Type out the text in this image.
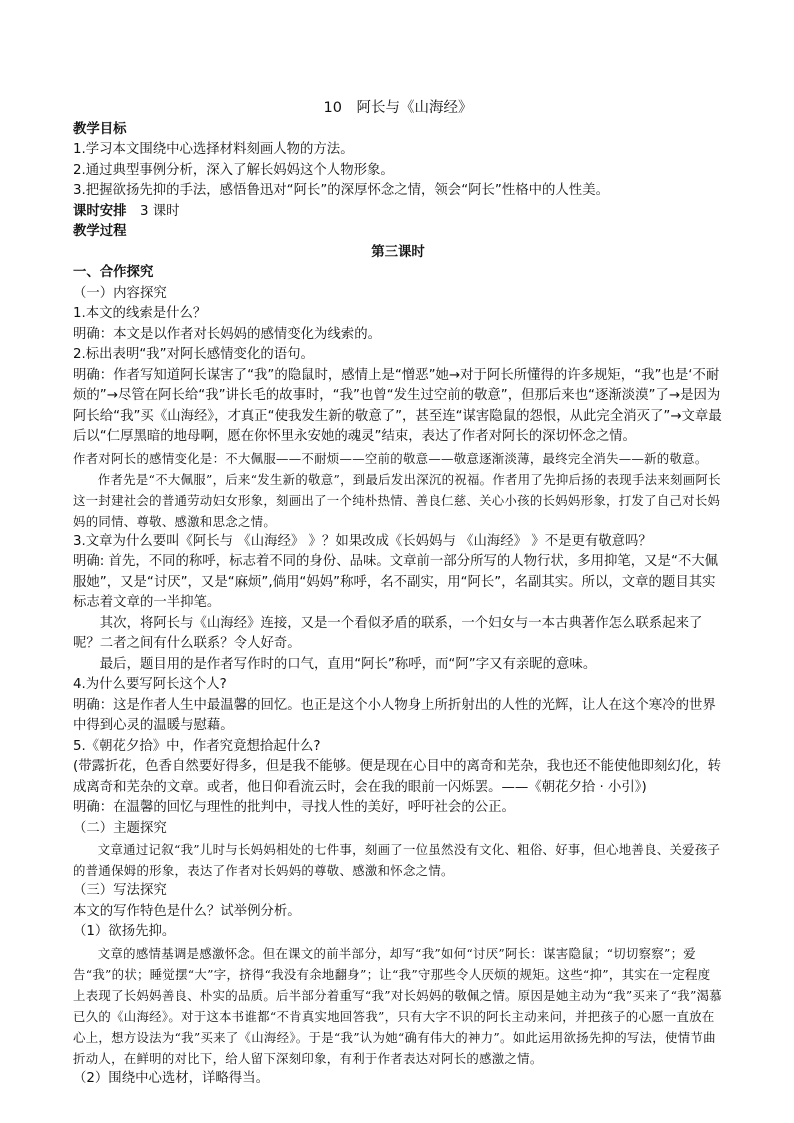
10　阿长与《山海经》

教学目标

1.学习本文围绕中心选择材料刻画人物的方法。

2.通过典型事例分析，深入了解长妈妈这个人物形象。

3.把握欲扬先抑的手法，感悟鲁迅对“阿长”的深厚怀念之情，领会“阿长”性格中的人性美。

课时安排　 3 课时

教学过程

第三课时

一、合作探究

（一）内容探究

1.本文的线索是什么？

明确：本文是以作者对长妈妈的感情变化为线索的。

2.标出表明“我”对阿长感情变化的语句。

明确：作者写知道阿长谋害了“我”的隐鼠时，感情上是“憎恶”她→对于阿长所懂得的许多规矩，“我”也是‘不耐烦的”→尽管在阿长给“我”讲长毛的故事时，“我”也曾“发生过空前的敬意”，但那后来也“逐渐淡漠”了→是因为阿长给“我”买《山海经》，才真正“使我发生新的敬意了”，甚至连“谋害隐鼠的怨恨，从此完全消灭了”→文章最后以“仁厚黑暗的地母啊，愿在你怀里永安她的魂灵”结束，表达了作者对阿长的深切怀念之情。

作者对阿长的感情变化是：不大佩服——不耐烦——空前的敬意——敬意逐渐淡薄，最终完全消失——新的敬意。

作者先是“不大佩服”，后来“发生新的敬意”，到最后发出深沉的祝福。作者用了先抑后扬的表现手法来刻画阿长这一封建社会的普通劳动妇女形象，刻画出了一个纯朴热情、善良仁慈、关心小孩的长妈妈形象，打发了自己对长妈妈的同情、尊敬、感激和思念之情。

3.文章为什么要叫《阿长与 《山海经》 》？如果改成《长妈妈与 《山海经》 》不是更有敬意吗？

明确: 首先，不同的称呼，标志着不同的身份、品味。文章前一部分所写的人物行状，多用抑笔，又是“不大佩服她”，又是“讨厌”，又是“麻烦”,倘用“妈妈”称呼，名不副实，用“阿长”，名副其实。所以，文章的题目其实标志着文章的一半抑笔。

其次，将阿长与《山海经》连接，又是一个看似矛盾的联系，一个妇女与一本古典著作怎么联系起来了呢？二者之间有什么联系？令人好奇。

最后，题目用的是作者写作时的口气，直用“阿长”称呼，而“阿”字又有亲昵的意味。

4.为什么要写阿长这个人?

明确：这是作者人生中最温馨的回忆。也正是这个小人物身上所折射出的人性的光辉，让人在这个寒冷的世界中得到心灵的温暖与慰藉。

5.《朝花夕拾》中，作者究竟想拾起什么?

(带露折花，色香自然要好得多，但是我不能够。便是现在心目中的离奇和芜杂，我也还不能使他即刻幻化，转成离奇和芜杂的文章。或者，他日仰看流云时，会在我的眼前一闪烁罢。——《朝花夕拾 · 小引》)

明确：在温馨的回忆与理性的批判中，寻找人性的美好，呼吁社会的公正。

（二）主题探究

文章通过记叙“我”儿时与长妈妈相处的七件事，刻画了一位虽然没有文化、粗俗、好事，但心地善良、关爱孩子的普通保姆的形象，表达了作者对长妈妈的尊敬、感激和怀念之情。

（三）写法探究

本文的写作特色是什么？试举例分析。

（1）欲扬先抑。

文章的感情基调是感激怀念。但在课文的前半部分，却写“我”如何“讨厌”阿长：谋害隐鼠；“切切察察”；爱告“我”的状；睡觉摆“大”字，挤得“我没有余地翻身”；让“我”守那些令人厌烦的规矩。这些“抑”，其实在一定程度上表现了长妈妈善良、朴实的品质。后半部分着重写“我”对长妈妈的敬佩之情。原因是她主动为“我”买来了“我”渴慕已久的《山海经》。对于这本书谁都“不肯真实地回答我”，只有大字不识的阿长主动来问，并把孩子的心愿一直放在心上，想方设法为“我”买来了《山海经》。于是“我”认为她“确有伟大的神力”。如此运用欲扬先抑的写法，使情节曲折动人，在鲜明的对比下，给人留下深刻印象，有利于作者表达对阿长的感激之情。

（2）围绕中心选材，详略得当。
